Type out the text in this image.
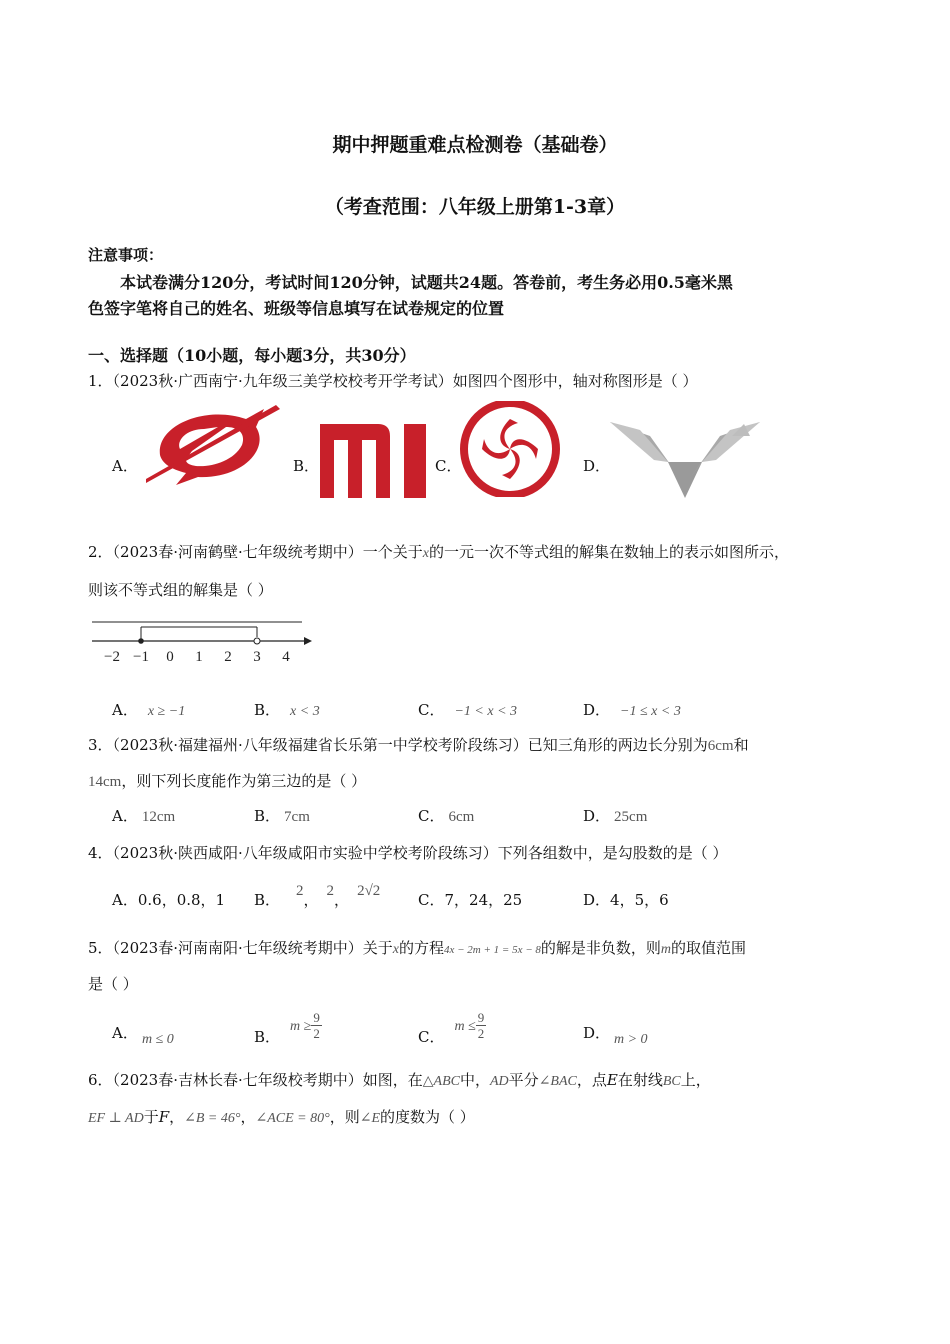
期中押题重难点检测卷（基础卷）
（考查范围：八年级上册第1-3章）
注意事项：
本试卷满分120分，考试时间120分钟，试题共24题。答卷前，考生务必用0.5毫米黑
色签字笔将自己的姓名、班级等信息填写在试卷规定的位置
一、选择题（10小题，每小题3分，共30分）
1．（2023秋·广西南宁·九年级三美学校校考开学考试）如图四个图形中，轴对称图形是（ ）
A．	B．	C．	D．
2．（2023春·河南鹤壁·七年级统考期中）一个关于x的一元一次不等式组的解集在数轴上的表示如图所示，
则该不等式组的解集是（ ）
−2 −1 0 1 2 3 4
A． x ≥ −1	B． x < 3	C． −1 < x < 3	D． −1 ≤ x < 3
3．（2023秋·福建福州·八年级福建省长乐第一中学校考阶段练习）已知三角形的两边长分别为6cm和
14cm，则下列长度能作为第三边的是（ ）
A． 12cm	B． 7cm	C． 6cm	D． 25cm
4．（2023秋·陕西咸阳·八年级咸阳市实验中学校考阶段练习）下列各组数中，是勾股数的是（ ）
A．0.6，0.8，1 B． 2， 2， 2√2	C．7，24，25	D．4，5，6
5．（2023春·河南南阳·七年级统考期中）关于x的方程4x − 2m + 1 = 5x − 8的解是非负数，则m的取值范围
是（ ）
A． m ≤ 0	B．$m \ge \frac{9}{2}$	C．$m \le \frac{9}{2}$	D． m > 0
6．（2023春·吉林长春·七年级校考期中）如图，在△ABC中，AD平分∠BAC，点E在射线BC上，
EF ⊥ AD于F，∠B = 46°，∠ACE = 80°，则∠E的度数为（ ）
